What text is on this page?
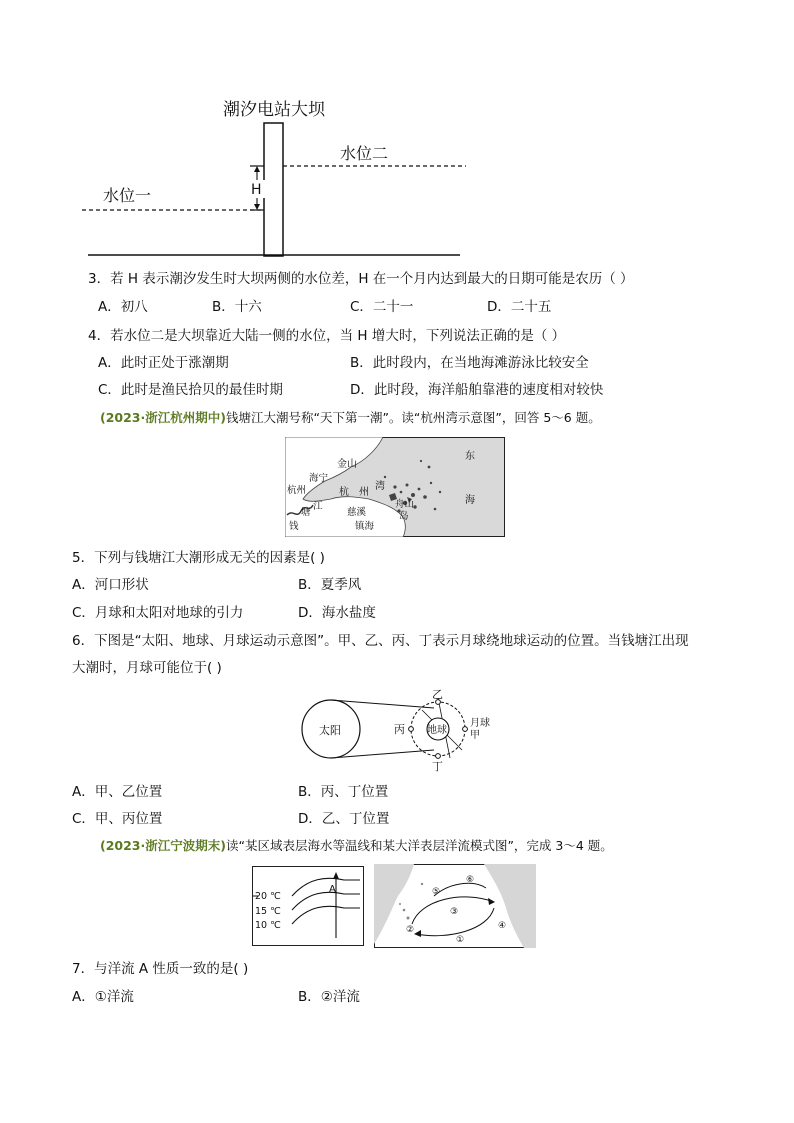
潮汐电站大坝
水位二
水位一	H
3．若 H 表示潮汐发生时大坝两侧的水位差，H 在一个月内达到最大的日期可能是农历（ ）
A．初八	B．十六	C．二十一	D．二十五
4．若水位二是大坝靠近大陆一侧的水位，当 H 增大时，下列说法正确的是（ ）
A．此时正处于涨潮期	B．此时段内，在当地海滩游泳比较安全
C．此时是渔民拾贝的最佳时期	D．此时段，海洋船舶靠港的速度相对较快
(2023·浙江杭州期中)钱塘江大潮号称“天下第一潮”。读“杭州湾示意图”，回答 5～6 题。
金山
东
海宁
杭州	杭 州
湾
舟山
岛
海
钱
塘
江
慈溪
镇海
5．下列与钱塘江大潮形成无关的因素是( )
A．河口形状	B．夏季风
C．月球和太阳对地球的引力	D．海水盐度
6．下图是“太阳、地球、月球运动示意图”。甲、乙、丙、丁表示月球绕地球运动的位置。当钱塘江出现
大潮时，月球可能位于( )
太阳	地球
乙
丁
丙	月球
甲
A．甲、乙位置	B．丙、丁位置
C．甲、丙位置	D．乙、丁位置
(2023·浙江宁波期末)读“某区域表层海水等温线和某大洋表层洋流模式图”，完成 3～4 题。
A
20 ℃
15 ℃
10 ℃
①
②
③
④
⑤
⑥
7．与洋流 A 性质一致的是( )
A．①洋流	B．②洋流
